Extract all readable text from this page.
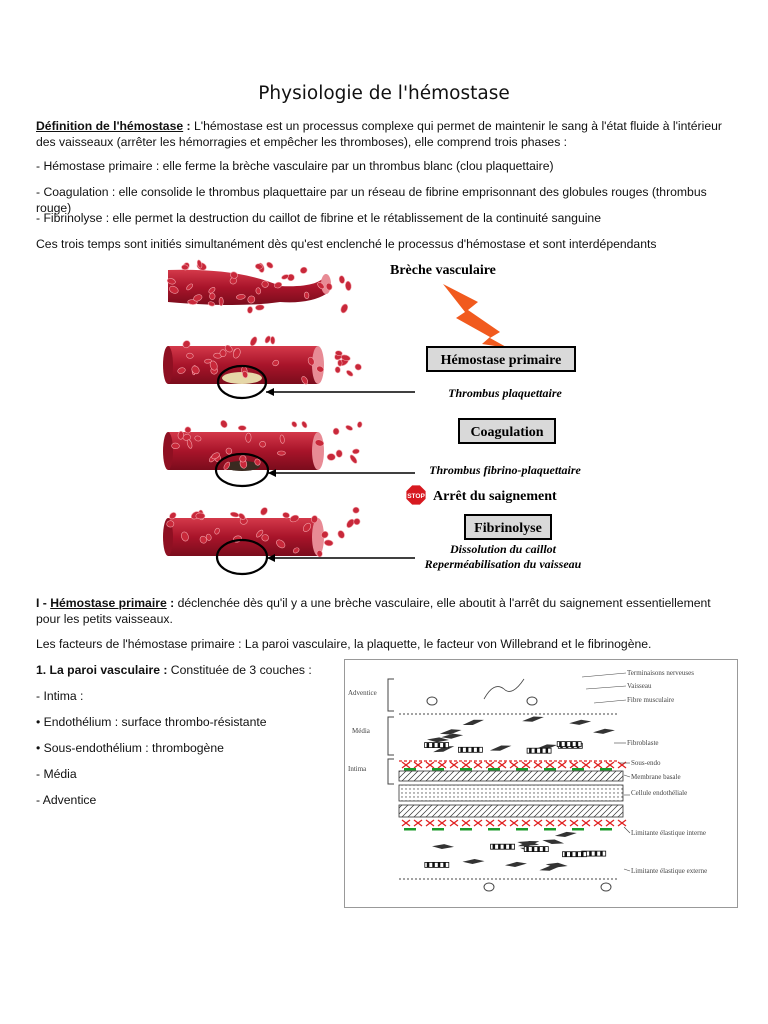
Physiologie de l'hémostase

Définition de l'hémostase : L'hémostase est un processus complexe qui permet de maintenir le sang à l'état fluide à l'intérieur des vaisseaux (arrêter les hémorragies et empêcher les thromboses), elle comprend trois phases :

- Hémostase primaire : elle ferme la brèche vasculaire par un thrombus blanc (clou plaquettaire)

- Coagulation : elle consolide le thrombus plaquettaire par un réseau de fibrine emprisonnant des globules rouges (thrombus rouge)

- Fibrinolyse : elle permet la destruction du caillot de fibrine et le rétablissement de la continuité sanguine

Ces trois temps sont initiés simultanément dès qu'est enclenché le processus d'hémostase et sont interdépendants

Brèche vasculaire
Hémostase primaire
Thrombus plaquettaire
Coagulation
Thrombus fibrino-plaquettaire
STOP Arrêt du saignement
Fibrinolyse
Dissolution du caillot
Reperméabilisation du vaisseau

I - Hémostase primaire : déclenchée dès qu'il y a une brèche vasculaire, elle aboutit à l'arrêt du saignement essentiellement pour les petits vaisseaux.

Les facteurs de l'hémostase primaire : La paroi vasculaire, la plaquette, le facteur von Willebrand et le fibrinogène.

1. La paroi vasculaire : Constituée de 3 couches :

- Intima :

• Endothélium : surface thrombo-résistante

• Sous-endothélium : thrombogène

- Média

- Adventice

Adventice
Média
Intima
Terminaisons nerveuses
Vaisseau
Fibre musculaire
Fibroblaste
Sous-endo
Membrane basale
Cellule endothéliale
Limitante élastique interne
Limitante élastique externe
